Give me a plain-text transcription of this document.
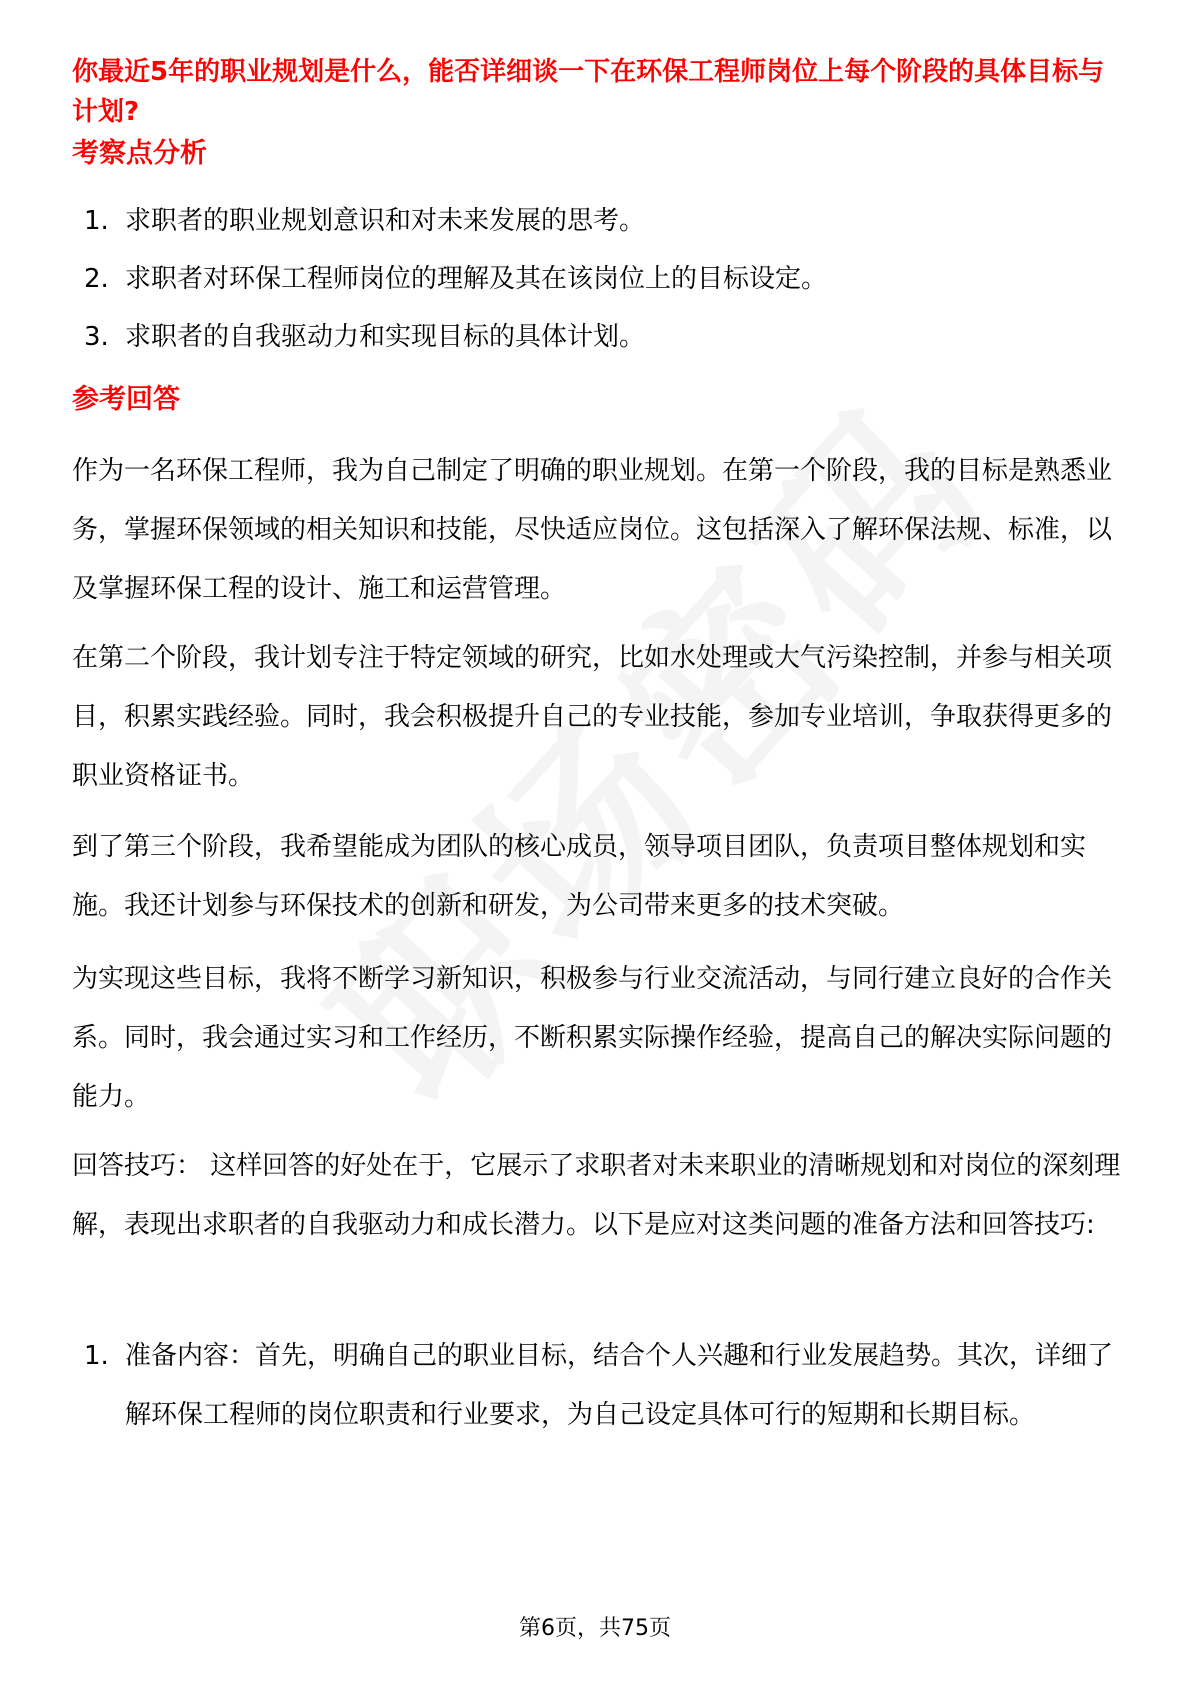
你最近5年的职业规划是什么，能否详细谈一下在环保工程师岗位上每个阶段的具体目标与计划?
考察点分析
1. 求职者的职业规划意识和对未来发展的思考。
2. 求职者对环保工程师岗位的理解及其在该岗位上的目标设定。
3. 求职者的自我驱动力和实现目标的具体计划。
参考回答

作为一名环保工程师，我为自己制定了明确的职业规划。在第一个阶段，我的目标是熟悉业务，掌握环保领域的相关知识和技能，尽快适应岗位。这包括深入了解环保法规、标准，以及掌握环保工程的设计、施工和运营管理。

在第二个阶段，我计划专注于特定领域的研究，比如水处理或大气污染控制，并参与相关项目，积累实践经验。同时，我会积极提升自己的专业技能，参加专业培训，争取获得更多的职业资格证书。

到了第三个阶段，我希望能成为团队的核心成员，领导项目团队，负责项目整体规划和实施。我还计划参与环保技术的创新和研发，为公司带来更多的技术突破。

为实现这些目标，我将不断学习新知识，积极参与行业交流活动，与同行建立良好的合作关系。同时，我会通过实习和工作经历，不断积累实际操作经验，提高自己的解决实际问题的能力。

回答技巧： 这样回答的好处在于，它展示了求职者对未来职业的清晰规划和对岗位的深刻理解，表现出求职者的自我驱动力和成长潜力。以下是应对这类问题的准备方法和回答技巧:

1. 准备内容：首先，明确自己的职业目标，结合个人兴趣和行业发展趋势。其次，详细了解环保工程师的岗位职责和行业要求，为自己设定具体可行的短期和长期目标。
第6页，共75页
